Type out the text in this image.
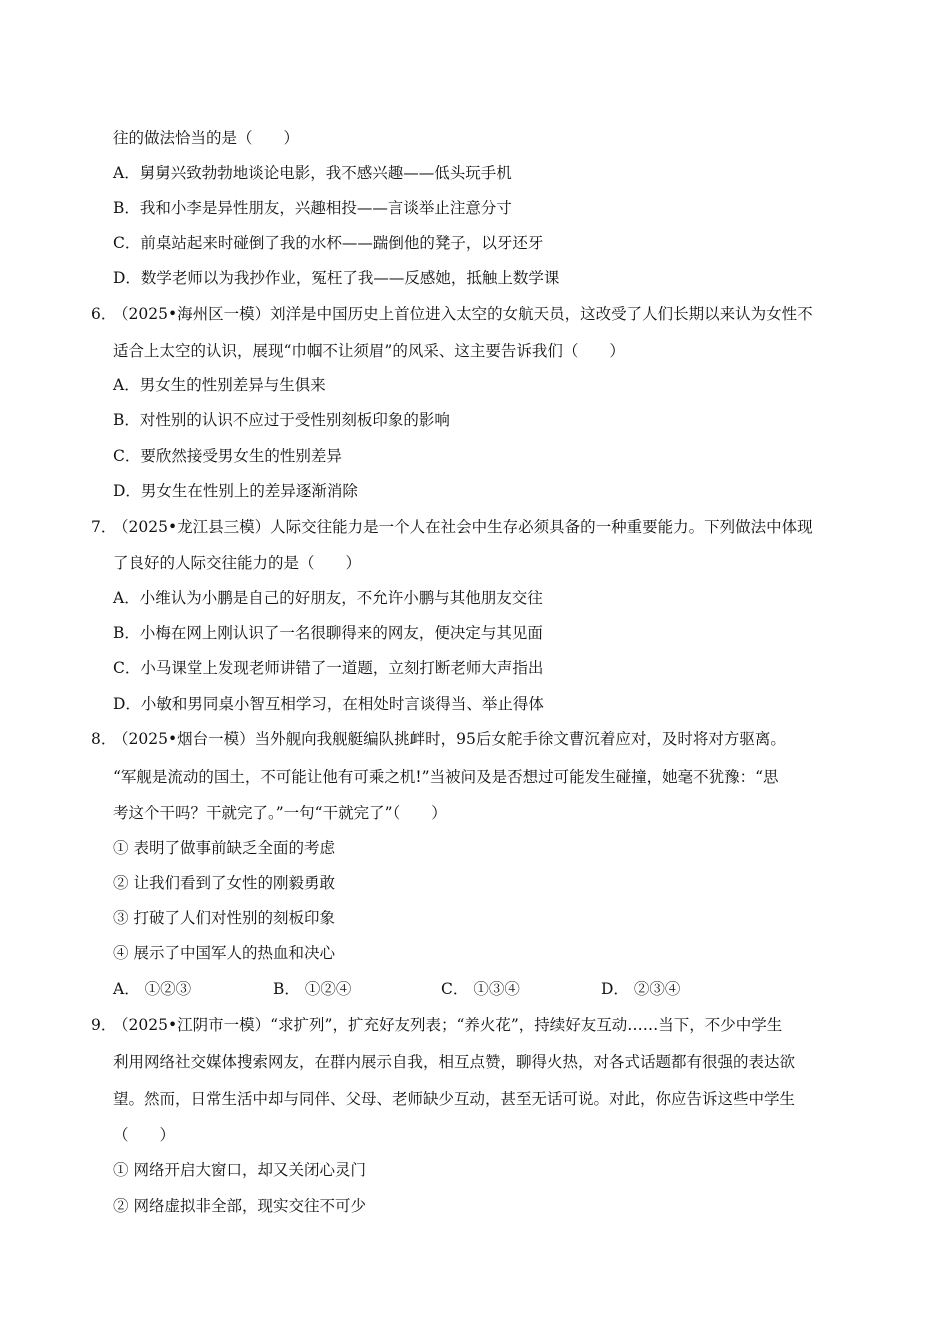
往的做法恰当的是（　　）
A．舅舅兴致勃勃地谈论电影，我不感兴趣——低头玩手机
B．我和小李是异性朋友，兴趣相投——言谈举止注意分寸
C．前桌站起来时碰倒了我的水杯——踹倒他的凳子，以牙还牙
D．数学老师以为我抄作业，冤枉了我——反感她，抵触上数学课
6．
（2025•海州区一模）刘洋是中国历史上首位进入太空的女航天员，这改受了人们长期以来认为女性不
适合上太空的认识，展现“巾帼不让须眉”的风采、这主要告诉我们（　　）
A．男女生的性别差异与生俱来
B．对性别的认识不应过于受性别刻板印象的影响
C．要欣然接受男女生的性别差异
D．男女生在性别上的差异逐渐消除
7．
（2025•龙江县三模）人际交往能力是一个人在社会中生存必须具备的一种重要能力。下列做法中体现
了良好的人际交往能力的是（　　）
A．小维认为小鹏是自己的好朋友，不允许小鹏与其他朋友交往
B．小梅在网上刚认识了一名很聊得来的网友，便决定与其见面
C．小马课堂上发现老师讲错了一道题，立刻打断老师大声指出
D．小敏和男同桌小智互相学习，在相处时言谈得当、举止得体
8．
（2025•烟台一模）当外舰向我舰艇编队挑衅时，95后女舵手徐文曹沉着应对，及时将对方驱离。
“军舰是流动的国土，不可能让他有可乘之机!”当被问及是否想过可能发生碰撞，她毫不犹豫：“思
考这个干吗？干就完了。”一句“干就完了”（　　）
① 表明了做事前缺乏全面的考虑
② 让我们看到了女性的刚毅勇敢
③ 打破了人们对性别的刻板印象
④ 展示了中国军人的热血和决心
A． ①②③	B． ①②④	C． ①③④	D． ②③④
9．
（2025•江阴市一模）“求扩列”，扩充好友列表；“养火花”，持续好友互动……当下，不少中学生
利用网络社交媒体搜索网友，在群内展示自我，相互点赞，聊得火热，对各式话题都有很强的表达欲
望。然而，日常生活中却与同伴、父母、老师缺少互动，甚至无话可说。对此，你应告诉这些中学生
（　　）
① 网络开启大窗口，却又关闭心灵门
② 网络虚拟非全部，现实交往不可少
